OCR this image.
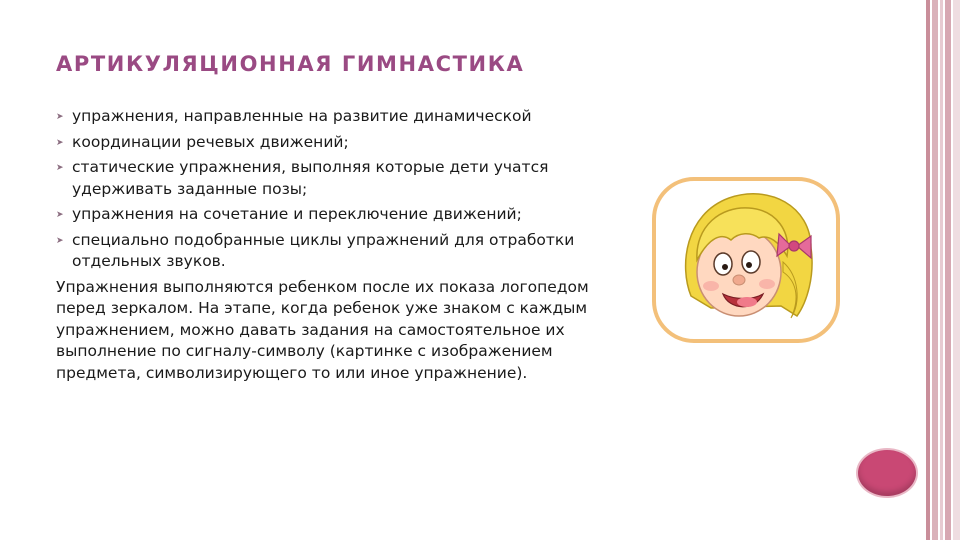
АРТИКУЛЯЦИОННАЯ ГИМНАСТИКА
➤ упражнения, направленные на развитие динамической
➤ координации речевых движений;
➤ статические упражнения, выполняя которые дети учатся удерживать заданные позы;
➤ упражнения на сочетание и переключение движений;
➤ специально подобранные циклы упражнений для отработки отдельных звуков.

Упражнения выполняются ребенком после их показа логопедом перед зеркалом. На этапе, когда ребенок уже знаком с каждым упражнением, можно давать задания на самостоятельное их выполнение по сигналу-символу (картинке с изображением предмета, символизирующего то или иное упражнение).
